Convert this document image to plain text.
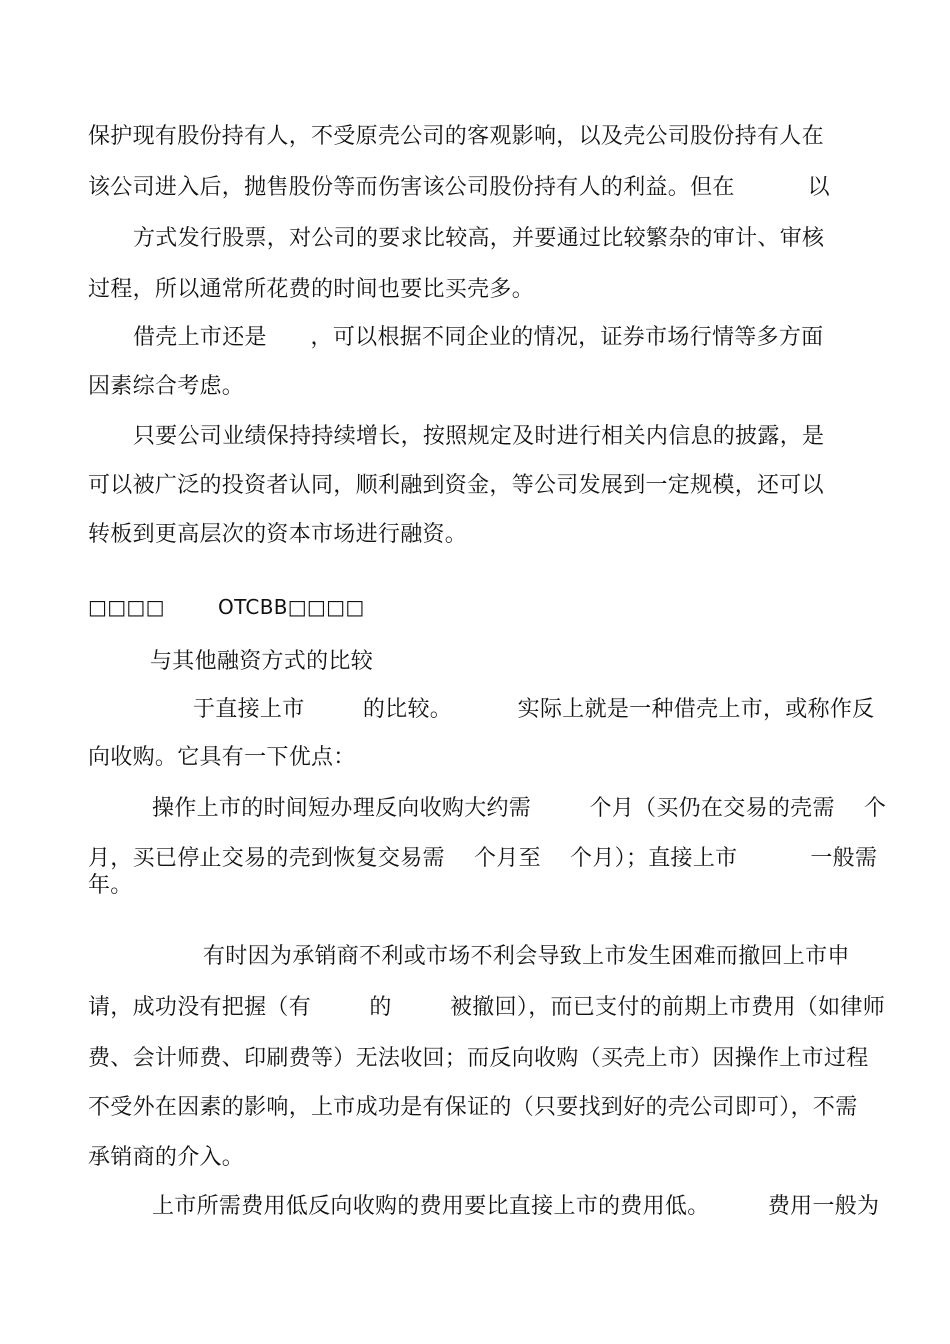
保护现有股份持有人，不受原壳公司的客观影响，以及壳公司股份持有人在
该公司进入后，抛售股份等而伤害该公司股份持有人的利益。但在          以
方式发行股票，对公司的要求比较高，并要通过比较繁杂的审计、审核
过程，所以通常所花费的时间也要比买壳多。
借壳上市还是      ，可以根据不同企业的情况，证券市场行情等多方面
因素综合考虑。
只要公司业绩保持持续增长，按照规定及时进行相关内信息的披露，是
可以被广泛的投资者认同，顺利融到资金，等公司发展到一定规模，还可以
转板到更高层次的资本市场进行融资。
□□□□        OTCBB□□□□
与其他融资方式的比较
于直接上市        的比较。         实际上就是一种借壳上市，或称作反
向收购。它具有一下优点：
操作上市的时间短办理反向收购大约需        个月（买仍在交易的壳需    个
月，买已停止交易的壳到恢复交易需    个月至    个月）；直接上市          一般需
年。
有时因为承销商不利或市场不利会导致上市发生困难而撤回上市申
请，成功没有把握（有        的        被撤回），而已支付的前期上市费用（如律师
费、会计师费、印刷费等）无法收回；而反向收购（买壳上市）因操作上市过程
不受外在因素的影响，上市成功是有保证的（只要找到好的壳公司即可），不需
承销商的介入。
上市所需费用低反向收购的费用要比直接上市的费用低。        费用一般为
